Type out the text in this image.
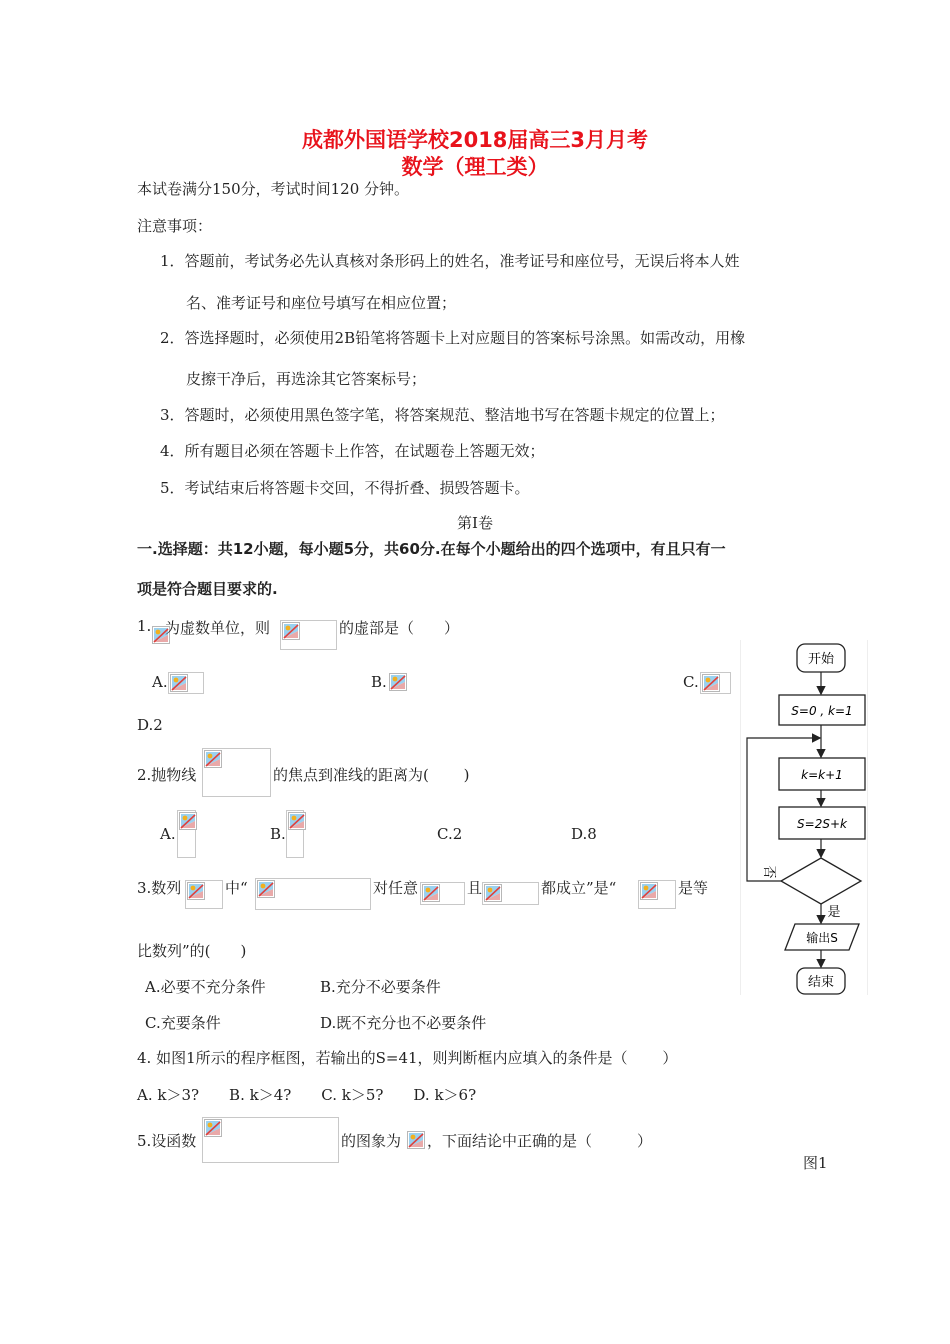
成都外国语学校2018届高三3月月考
数学（理工类）
本试卷满分150分，考试时间120 分钟。
注意事项：
1．答题前，考试务必先认真核对条形码上的姓名，准考证号和座位号，无误后将本人姓
名、准考证号和座位号填写在相应位置；
2．答选择题时，必须使用2B铅笔将答题卡上对应题目的答案标号涂黑。如需改动，用橡
皮擦干净后，再选涂其它答案标号；
3．答题时，必须使用黑色签字笔，将答案规范、整洁地书写在答题卡规定的位置上；
4．所有题目必须在答题卡上作答，在试题卷上答题无效；
5．考试结束后将答题卡交回，不得折叠、损毁答题卡。
第Ⅰ卷
一.选择题：共12小题，每小题5分，共60分.在每个小题给出的四个选项中，有且只有一
项是符合题目要求的.
1. 为虚数单位，则	的虚部是（　　）
A.	B.	C.
D.2
2.抛物线	的焦点到准线的距离为(　　 )
A.	B.	C.2	D.8
3.数列	中“	对任意	且	都成立”是“	是等
比数列”的(　　)
A.必要不充分条件	B.充分不必要条件
C.充要条件	D.既不充分也不必要条件
4. 如图1所示的程序框图，若输出的S=41，则判断框内应填入的条件是（　　 ）
A. k＞3?　　B. k＞4?　　C. k＞5?　　D. k＞6?
5.设函数	的图象为 ，下面结论中正确的是（　　　）
图1
开始
S=0 , k=1
k=k+1
S=2S+k
否
是
输出S
结束
